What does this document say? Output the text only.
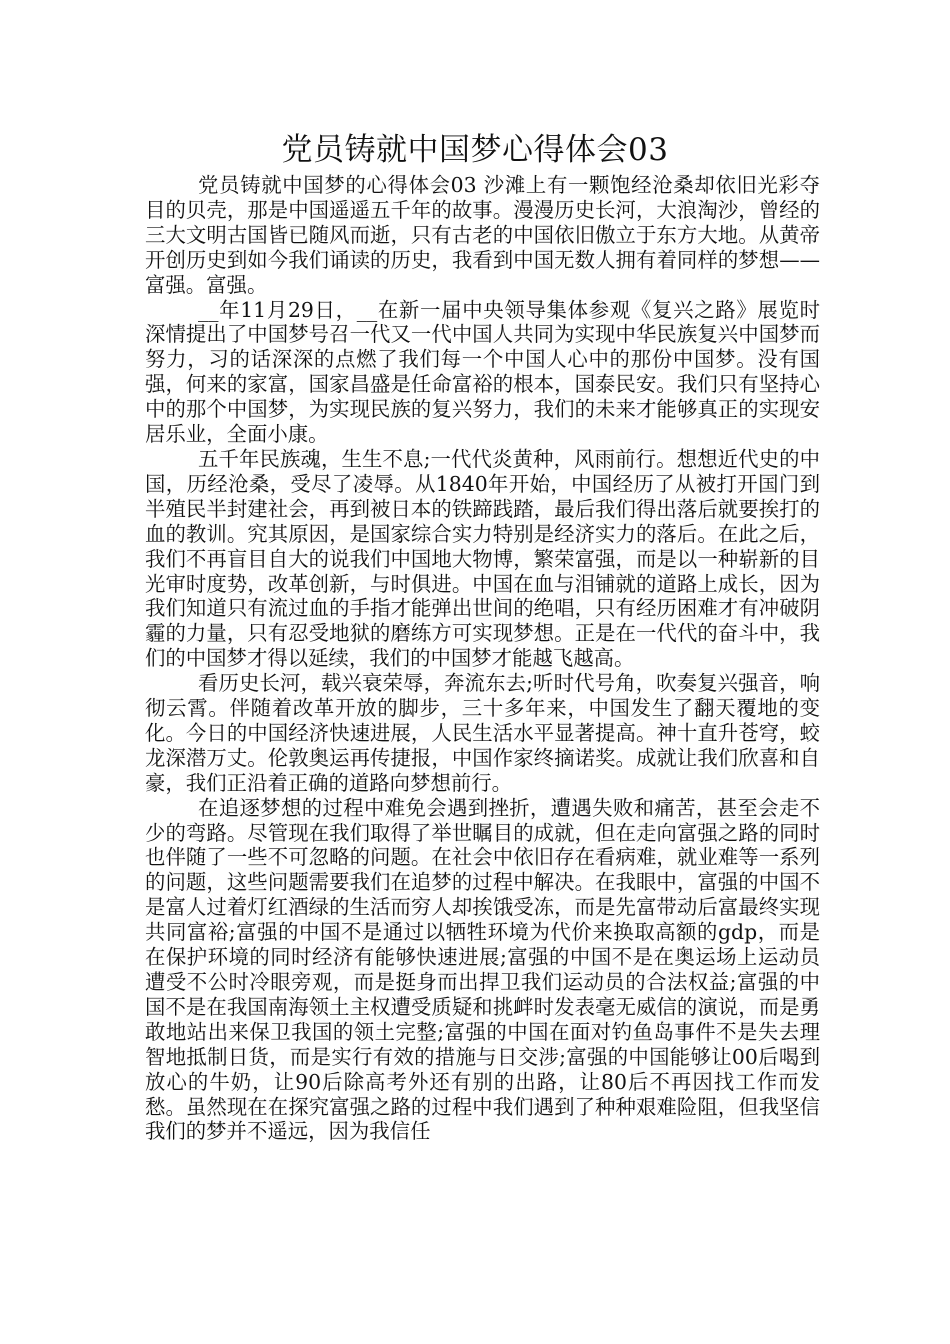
党员铸就中国梦心得体会03

党员铸就中国梦的心得体会03 沙滩上有一颗饱经沧桑却依旧光彩夺目的贝壳，那是中国遥遥五千年的故事。漫漫历史长河，大浪淘沙，曾经的三大文明古国皆已随风而逝，只有古老的中国依旧傲立于东方大地。从黄帝开创历史到如今我们诵读的历史，我看到中国无数人拥有着同样的梦想——富强。富强。

__年11月29日，__在新一届中央领导集体参观《复兴之路》展览时深情提出了中国梦号召一代又一代中国人共同为实现中华民族复兴中国梦而努力，习的话深深的点燃了我们每一个中国人心中的那份中国梦。没有国强，何来的家富，国家昌盛是任命富裕的根本，国泰民安。我们只有坚持心中的那个中国梦，为实现民族的复兴努力，我们的未来才能够真正的实现安居乐业，全面小康。

五千年民族魂，生生不息;一代代炎黄种，风雨前行。想想近代史的中国，历经沧桑，受尽了凌辱。从1840年开始，中国经历了从被打开国门到半殖民半封建社会，再到被日本的铁蹄践踏，最后我们得出落后就要挨打的血的教训。究其原因，是国家综合实力特别是经济实力的落后。在此之后，我们不再盲目自大的说我们中国地大物博，繁荣富强，而是以一种崭新的目光审时度势，改革创新，与时俱进。中国在血与泪铺就的道路上成长，因为我们知道只有流过血的手指才能弹出世间的绝唱，只有经历困难才有冲破阴霾的力量，只有忍受地狱的磨练方可实现梦想。正是在一代代的奋斗中，我们的中国梦才得以延续，我们的中国梦才能越飞越高。

看历史长河，载兴衰荣辱，奔流东去;听时代号角，吹奏复兴强音，响彻云霄。伴随着改革开放的脚步，三十多年来，中国发生了翻天覆地的变化。今日的中国经济快速进展，人民生活水平显著提高。神十直升苍穹，蛟龙深潜万丈。伦敦奥运再传捷报，中国作家终摘诺奖。成就让我们欣喜和自豪，我们正沿着正确的道路向梦想前行。

在追逐梦想的过程中难免会遇到挫折，遭遇失败和痛苦，甚至会走不少的弯路。尽管现在我们取得了举世瞩目的成就，但在走向富强之路的同时也伴随了一些不可忽略的问题。在社会中依旧存在看病难，就业难等一系列的问题，这些问题需要我们在追梦的过程中解决。在我眼中，富强的中国不是富人过着灯红酒绿的生活而穷人却挨饿受冻，而是先富带动后富最终实现共同富裕;富强的中国不是通过以牺牲环境为代价来换取高额的gdp，而是在保护环境的同时经济有能够快速进展;富强的中国不是在奥运场上运动员遭受不公时冷眼旁观，而是挺身而出捍卫我们运动员的合法权益;富强的中国不是在我国南海领土主权遭受质疑和挑衅时发表毫无威信的演说，而是勇敢地站出来保卫我国的领土完整;富强的中国在面对钓鱼岛事件不是失去理智地抵制日货，而是实行有效的措施与日交涉;富强的中国能够让00后喝到放心的牛奶，让90后除高考外还有别的出路，让80后不再因找工作而发愁。虽然现在在探究富强之路的过程中我们遇到了种种艰难险阻，但我坚信我们的梦并不遥远，因为我信任
